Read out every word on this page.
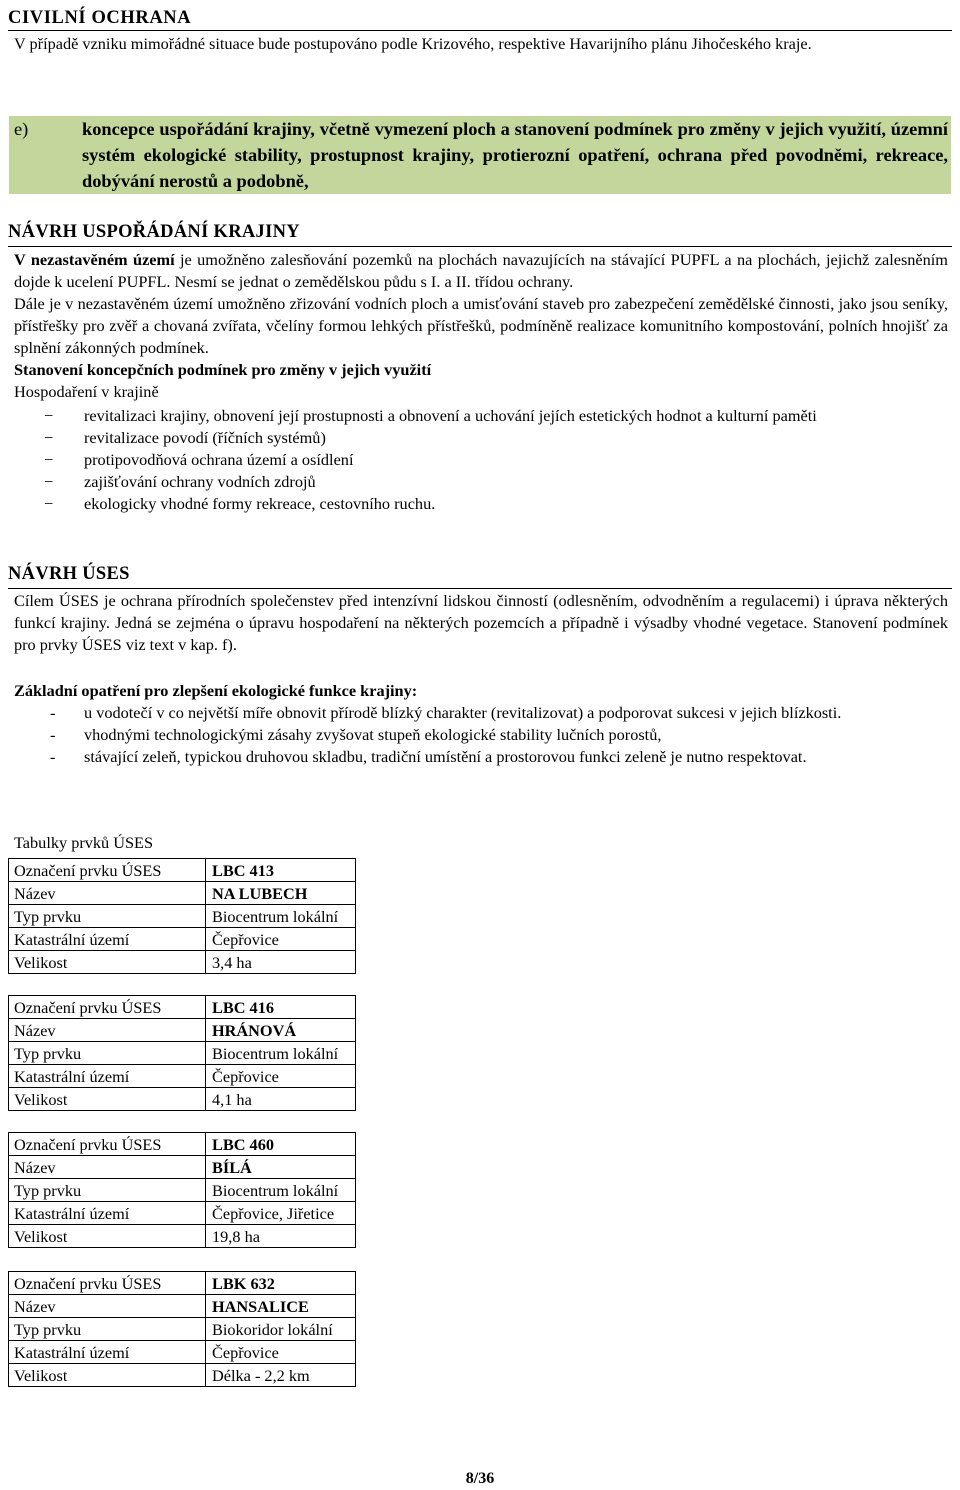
CIVILNÍ OCHRANA
V případě vzniku mimořádné situace bude postupováno podle Krizového, respektive Havarijního plánu Jihočeského kraje.
e)	koncepce uspořádání krajiny, včetně vymezení ploch a stanovení podmínek pro změny v jejich využití, územní systém ekologické stability, prostupnost krajiny, protierozní opatření, ochrana před povodněmi, rekreace, dobývání nerostů a podobně,
NÁVRH USPOŘÁDÁNÍ KRAJINY
V nezastavěném území je umožněno zalesňování pozemků na plochách navazujících na stávající PUPFL a na plochách, jejichž zalesněním dojde k ucelení PUPFL. Nesmí se jednat o zemědělskou půdu s I. a II. třídou ochrany.
Dále je v nezastavěném území umožněno zřizování vodních ploch a umisťování staveb pro zabezpečení zemědělské činnosti, jako jsou seníky, přístřešky pro zvěř a chovaná zvířata, včelíny formou lehkých přístřešků, podmíněně realizace komunitního kompostování, polních hnojišť za splnění zákonných podmínek.
Stanovení koncepčních podmínek pro změny v jejich využití
Hospodaření v krajině
− revitalizaci krajiny, obnovení její prostupnosti a obnovení a uchování jejích estetických hodnot a kulturní paměti
− revitalizace povodí (říčních systémů)
− protipovodňová ochrana území a osídlení
− zajišťování ochrany vodních zdrojů
− ekologicky vhodné formy rekreace, cestovního ruchu.
NÁVRH ÚSES
Cílem ÚSES je ochrana přírodních společenstev před intenzívní lidskou činností (odlesněním, odvodněním a regulacemi) i úprava některých funkcí krajiny. Jedná se zejména o úpravu hospodaření na některých pozemcích a případně i výsadby vhodné vegetace. Stanovení podmínek pro prvky ÚSES viz text v kap. f).
Základní opatření pro zlepšení ekologické funkce krajiny:
- u vodotečí v co největší míře obnovit přírodě blízký charakter (revitalizovat) a podporovat sukcesi v jejich blízkosti.
- vhodnými technologickými zásahy zvyšovat stupeň ekologické stability lučních porostů,
- stávající zeleň, typickou druhovou skladbu, tradiční umístění a prostorovou funkci zeleně je nutno respektovat.
Tabulky prvků ÚSES
Označení prvku ÚSES	LBC 413
Název	NA LUBECH
Typ prvku	Biocentrum lokální
Katastrální území	Čepřovice
Velikost	3,4 ha
Označení prvku ÚSES	LBC 416
Název	HRÁNOVÁ
Typ prvku	Biocentrum lokální
Katastrální území	Čepřovice
Velikost	4,1 ha
Označení prvku ÚSES	LBC 460
Název	BÍLÁ
Typ prvku	Biocentrum lokální
Katastrální území	Čepřovice, Jiřetice
Velikost	19,8 ha
Označení prvku ÚSES	LBK 632
Název	HANSALICE
Typ prvku	Biokoridor lokální
Katastrální území	Čepřovice
Velikost	Délka - 2,2 km
8/36
